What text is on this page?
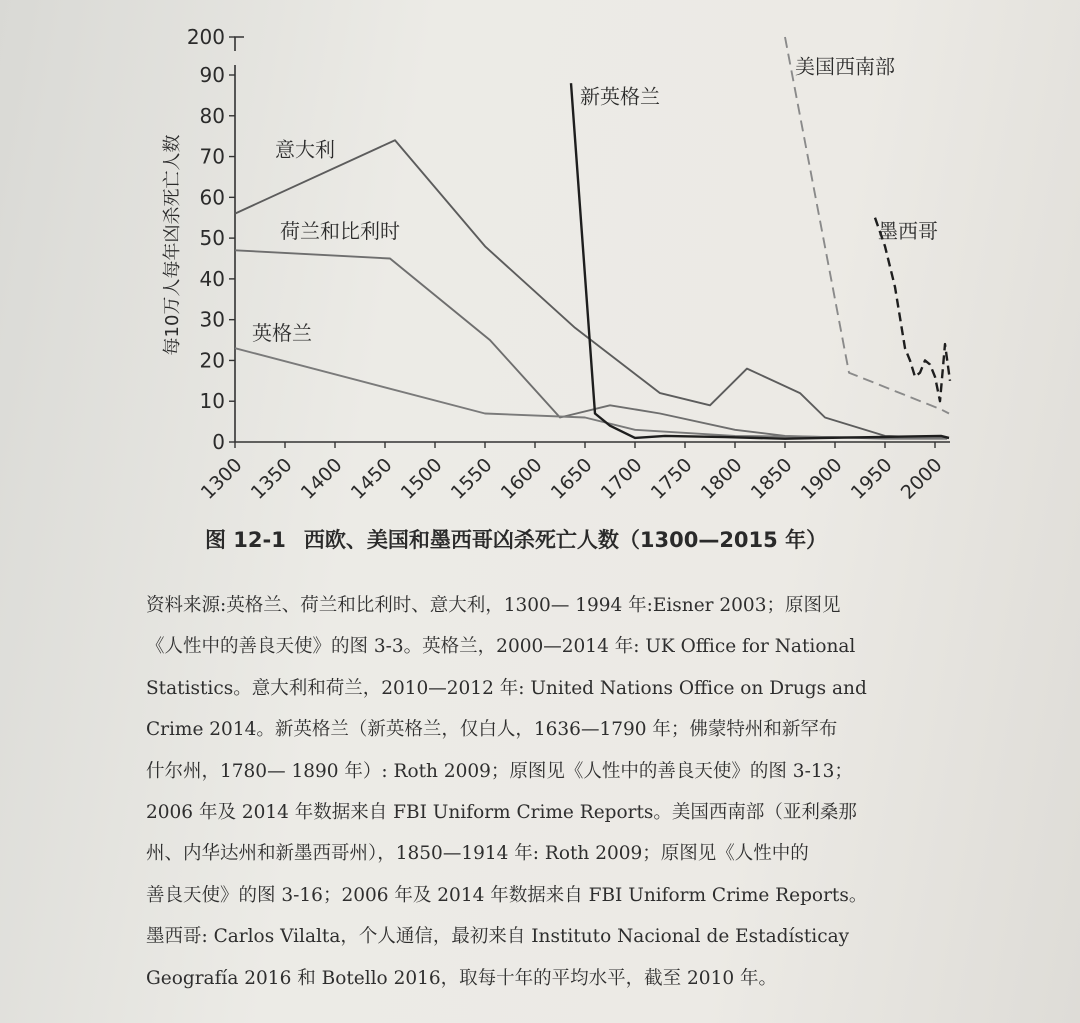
0
10
20
30
40
50
60
70
80
90
200
1300 1350 1400 1450 1500 1550 1600 1650 1700 1750 1800 1850 1900 1950 2000
意大利
荷兰和比利时
英格兰
新英格兰
美国西南部
墨西哥
每10万人每年凶杀死亡人数
图 12-1 西欧、美国和墨西哥凶杀死亡人数（1300—2015 年）
资料来源:英格兰、荷兰和比利时、意大利，1300— 1994 年:Eisner 2003；原图见
《人性中的善良天使》的图 3-3。英格兰，2000—2014 年: UK Office for National
Statistics。意大利和荷兰，2010—2012 年: United Nations Office on Drugs and
Crime 2014。新英格兰（新英格兰，仅白人，1636—1790 年；佛蒙特州和新罕布
什尔州，1780— 1890 年）: Roth 2009；原图见《人性中的善良天使》的图 3-13；
2006 年及 2014 年数据来自 FBI Uniform Crime Reports。美国西南部（亚利桑那
州、内华达州和新墨西哥州），1850—1914 年: Roth 2009；原图见《人性中的
善良天使》的图 3-16；2006 年及 2014 年数据来自 FBI Uniform Crime Reports。
墨西哥: Carlos Vilalta，个人通信，最初来自 Instituto Nacional de Estadísticay
Geografía 2016 和 Botello 2016，取每十年的平均水平，截至 2010 年。
